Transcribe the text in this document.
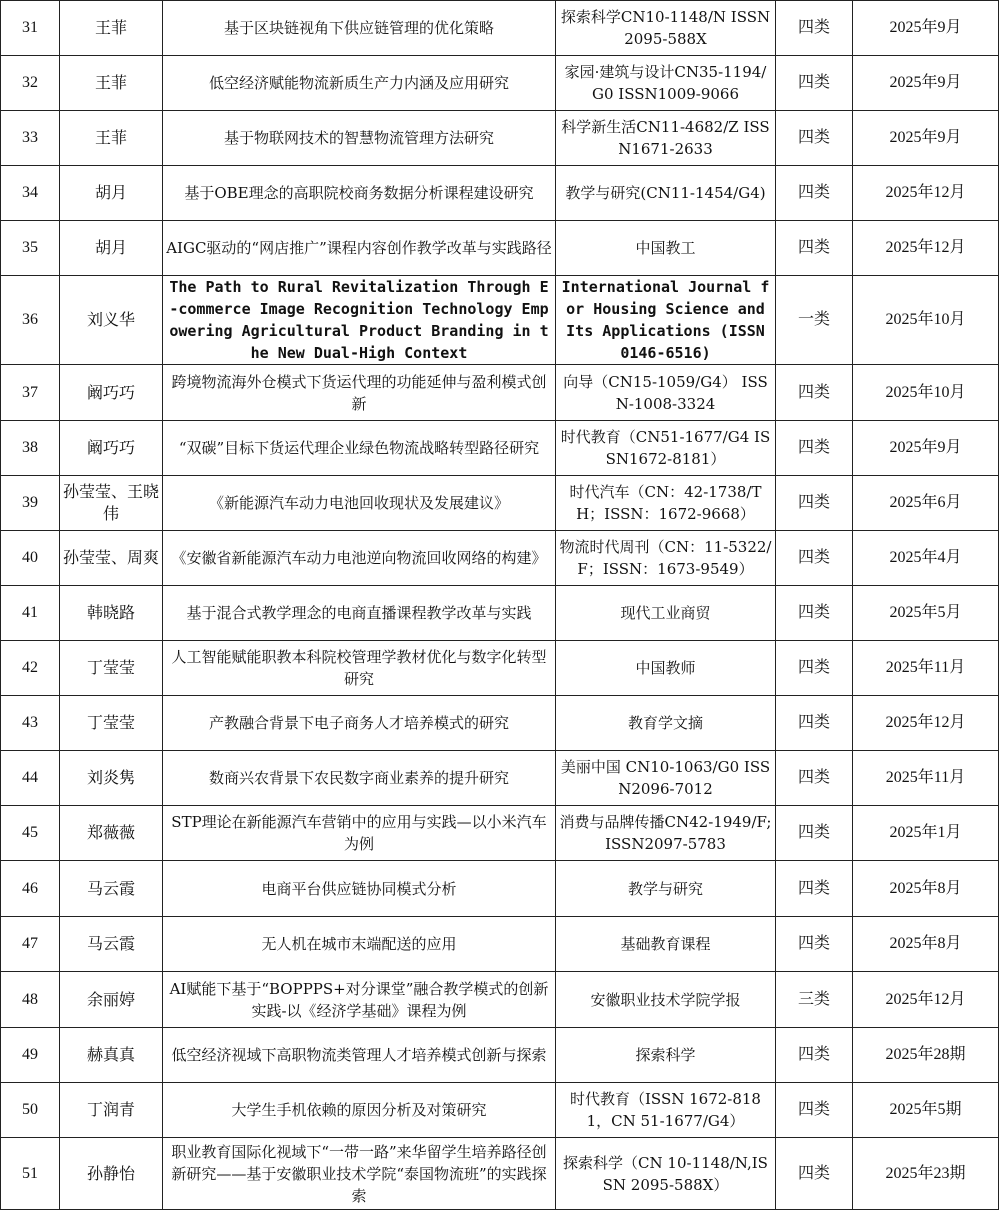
31	王菲	基于区块链视角下供应链管理的优化策略	探索科学CN10-1148/N ISSN2095-588X	四类	2025年9月
32	王菲	低空经济赋能物流新质生产力内涵及应用研究	家园·建筑与设计CN35-1194/G0 ISSN1009-9066	四类	2025年9月
33	王菲	基于物联网技术的智慧物流管理方法研究	科学新生活CN11-4682/Z ISSN1671-2633	四类	2025年9月
34	胡月	基于OBE理念的高职院校商务数据分析课程建设研究	教学与研究(CN11-1454/G4)	四类	2025年12月
35	胡月	AIGC驱动的“网店推广”课程内容创作教学改革与实践路径	中国教工	四类	2025年12月
36	刘义华	The Path to Rural Revitalization Through E-commerce Image Recognition Technology Empowering Agricultural Product Branding in the New Dual-High Context	International Journal for Housing Science and Its Applications (ISSN 0146-6516)	一类	2025年10月
37	阚巧巧	跨境物流海外仓模式下货运代理的功能延伸与盈利模式创新	向导（CN15-1059/G4） ISSN-1008-3324	四类	2025年10月
38	阚巧巧	“双碳”目标下货运代理企业绿色物流战略转型路径研究	时代教育（CN51-1677/G4 ISSN1672-8181）	四类	2025年9月
39	孙莹莹、王晓伟	《新能源汽车动力电池回收现状及发展建议》	时代汽车（CN：42-1738/TH；ISSN：1672-9668）	四类	2025年6月
40	孙莹莹、周爽	《安徽省新能源汽车动力电池逆向物流回收网络的构建》	物流时代周刊（CN：11-5322/F；ISSN：1673-9549）	四类	2025年4月
41	韩晓路	基于混合式教学理念的电商直播课程教学改革与实践	现代工业商贸	四类	2025年5月
42	丁莹莹	人工智能赋能职教本科院校管理学教材优化与数字化转型研究	中国教师	四类	2025年11月
43	丁莹莹	产教融合背景下电子商务人才培养模式的研究	教育学文摘	四类	2025年12月
44	刘炎隽	数商兴农背景下农民数字商业素养的提升研究	美丽中国 CN10-1063/G0 ISSN2096-7012	四类	2025年11月
45	郑薇薇	STP理论在新能源汽车营销中的应用与实践—以小米汽车为例	消费与品牌传播CN42-1949/F;ISSN2097-5783	四类	2025年1月
46	马云霞	电商平台供应链协同模式分析	教学与研究	四类	2025年8月
47	马云霞	无人机在城市末端配送的应用	基础教育课程	四类	2025年8月
48	余丽婷	AI赋能下基于“BOPPPS+对分课堂”融合教学模式的创新实践-以《经济学基础》课程为例	安徽职业技术学院学报	三类	2025年12月
49	赫真真	低空经济视域下高职物流类管理人才培养模式创新与探索	探索科学	四类	2025年28期
50	丁润青	大学生手机依赖的原因分析及对策研究	时代教育（ISSN 1672-8181，CN 51-1677/G4）	四类	2025年5期
51	孙静怡	职业教育国际化视域下“一带一路”来华留学生培养路径创新研究——基于安徽职业技术学院“泰国物流班”的实践探索	探索科学（CN 10-1148/N,ISSN 2095-588X）	四类	2025年23期
